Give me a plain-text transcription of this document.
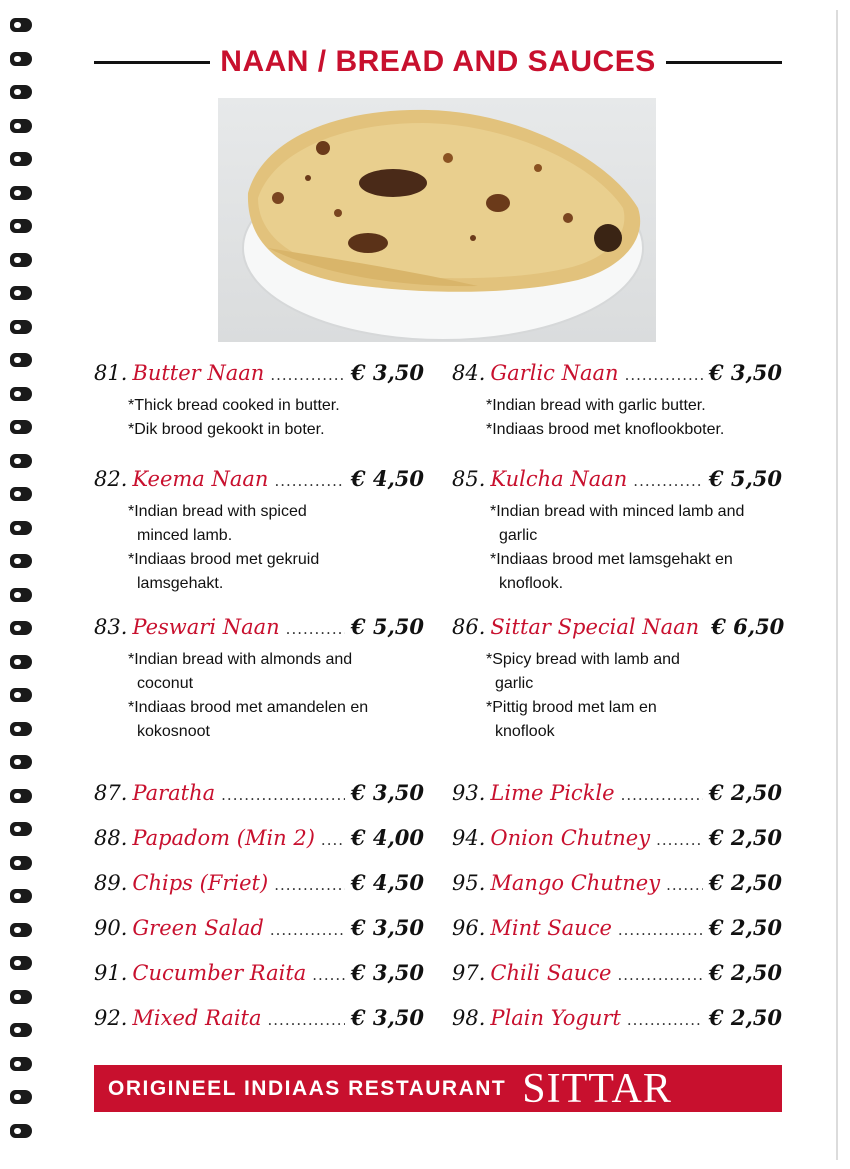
NAAN / BREAD AND SAUCES
81. Butter Naan .....	€ 3,50

*Thick bread cooked in butter.

*Dik brood gekookt in boter.

82. Keema Naan .....	€ 4,50

*Indian bread with spiced minced lamb.

*Indiaas brood met gekruid lamsgehakt.

83. Peswari Naan .....	€ 5,50

*Indian bread with almonds and coconut

*Indiaas brood met amandelen en kokosnoot

84. Garlic Naan .....	€ 3,50

*Indian bread with garlic butter.

*Indiaas brood met knoflookboter.

85. Kulcha Naan .....	€ 5,50

*Indian bread with minced lamb and garlic

*Indiaas brood met lamsgehakt en knoflook.

86. Sittar Special Naan € 6,50

*Spicy bread with lamb and garlic

*Pittig brood met lam en knoflook

87. Paratha .....	€ 3,50
88. Papadom (Min 2) ..... € 4,00
89. Chips (Friet) .....	€ 4,50
90. Green Salad .....	€ 3,50
91. Cucumber Raita ..... € 3,50
92. Mixed Raita .....	€ 3,50
93. Lime Pickle .....	€ 2,50
94. Onion Chutney .....	€ 2,50
95. Mango Chutney ..... € 2,50
96. Mint Sauce .....	€ 2,50
97. Chili Sauce .....	€ 2,50
98. Plain Yogurt .....	€ 2,50
ORIGINEEL INDIAAS RESTAURANT SITTAR
